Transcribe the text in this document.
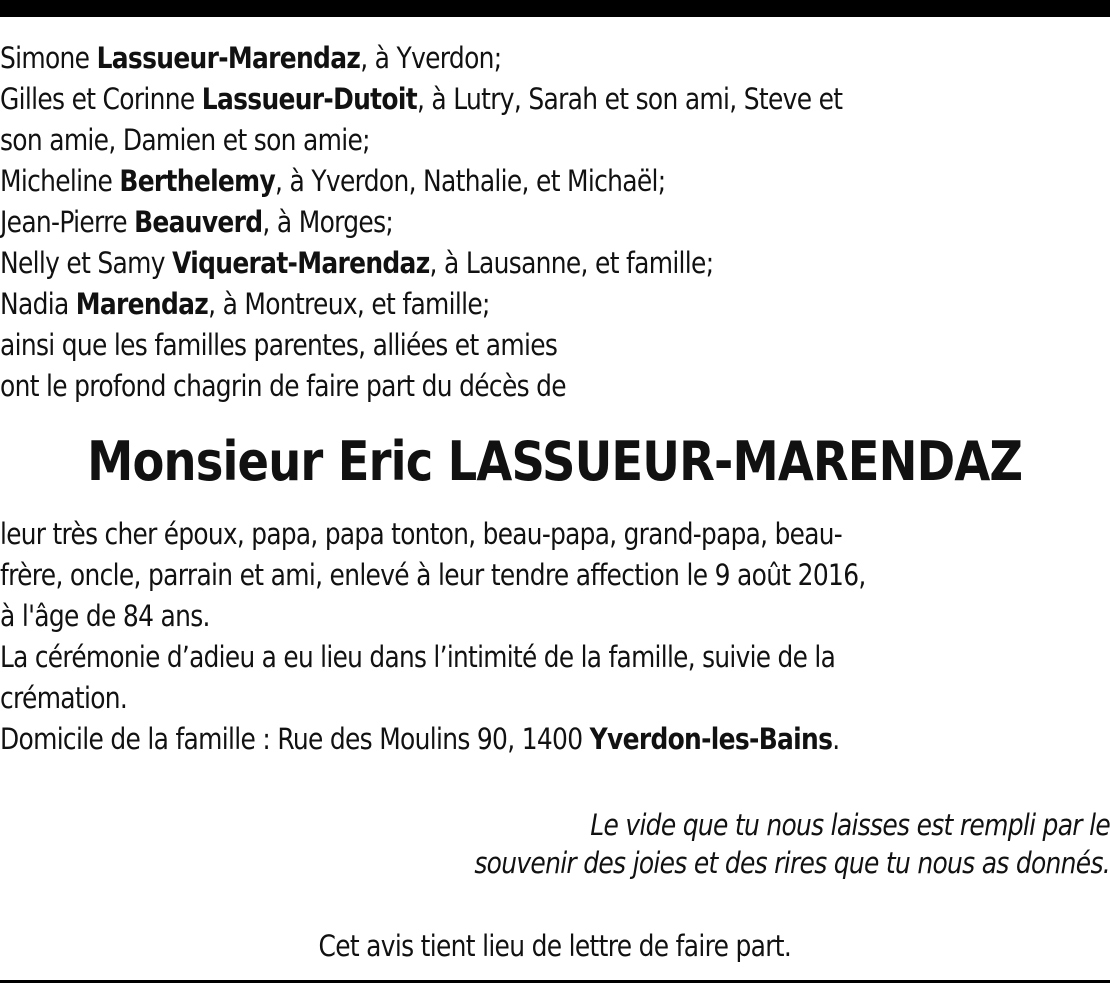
Simone Lassueur-Marendaz, à Yverdon;
Gilles et Corinne Lassueur-Dutoit, à Lutry, Sarah et son ami, Steve et
son amie, Damien et son amie;
Micheline Berthelemy, à Yverdon, Nathalie, et Michaël;
Jean-Pierre Beauverd, à Morges;
Nelly et Samy Viquerat-Marendaz, à Lausanne, et famille;
Nadia Marendaz, à Montreux, et famille;
ainsi que les familles parentes, alliées et amies
ont le profond chagrin de faire part du décès de
Monsieur Eric LASSUEUR-MARENDAZ
leur très cher époux, papa, papa tonton, beau-papa, grand-papa, beau-
frère, oncle, parrain et ami, enlevé à leur tendre affection le 9 août 2016,
à l'âge de 84 ans.
La cérémonie d’adieu a eu lieu dans l’intimité de la famille, suivie de la
crémation.
Domicile de la famille : Rue des Moulins 90, 1400 Yverdon-les-Bains.
Le vide que tu nous laisses est rempli par le
souvenir des joies et des rires que tu nous as donnés.
Cet avis tient lieu de lettre de faire part.
